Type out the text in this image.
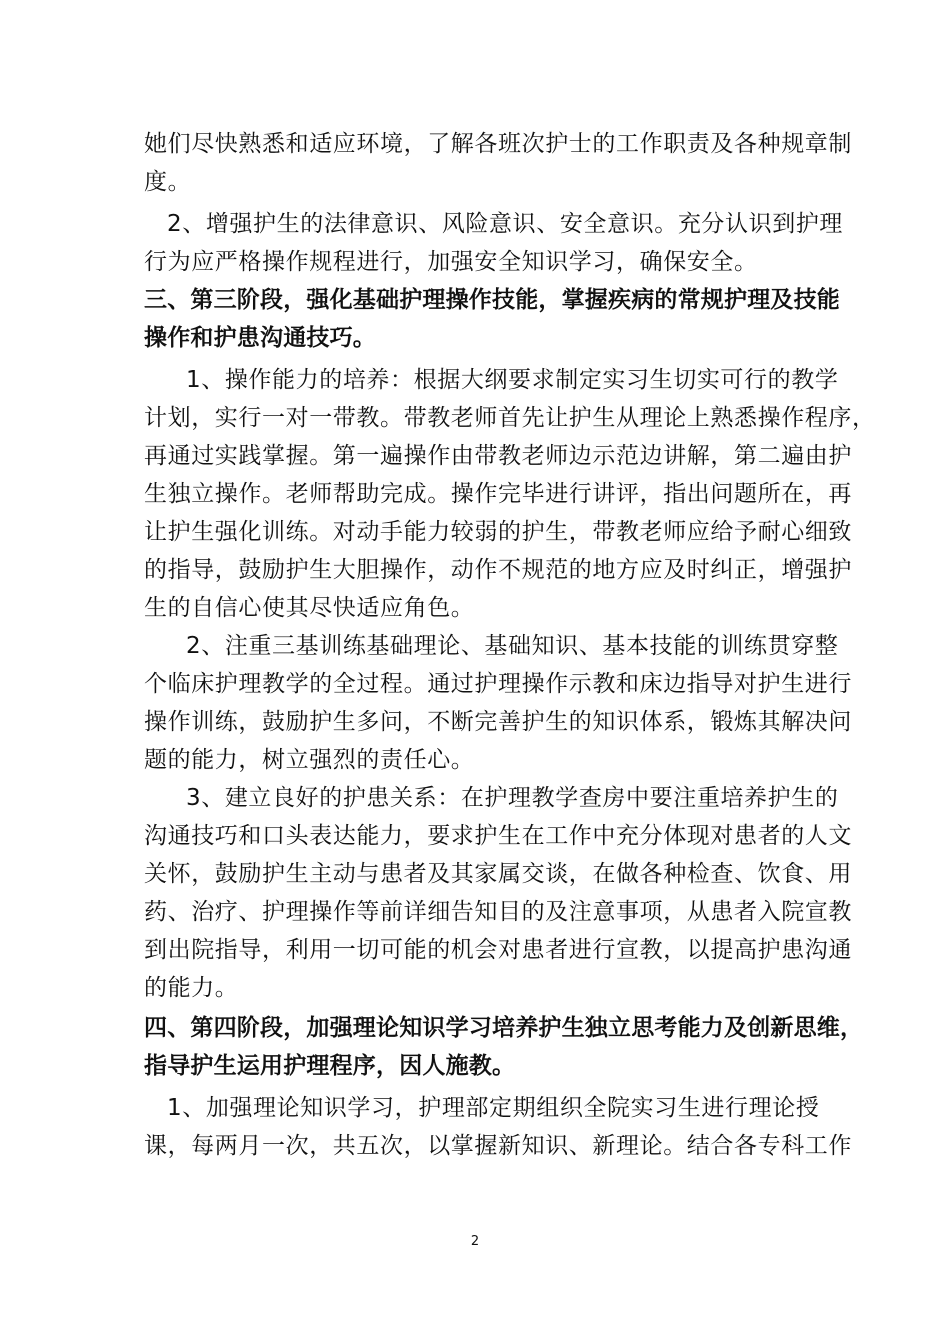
她们尽快熟悉和适应环境，了解各班次护士的工作职责及各种规章制
度。
2、增强护生的法律意识、风险意识、安全意识。充分认识到护理
行为应严格操作规程进行，加强安全知识学习，确保安全。
三、第三阶段，强化基础护理操作技能，掌握疾病的常规护理及技能
操作和护患沟通技巧。
1、操作能力的培养：根据大纲要求制定实习生切实可行的教学
计划，实行一对一带教。带教老师首先让护生从理论上熟悉操作程序，
再通过实践掌握。第一遍操作由带教老师边示范边讲解，第二遍由护
生独立操作。老师帮助完成。操作完毕进行讲评，指出问题所在，再
让护生强化训练。对动手能力较弱的护生，带教老师应给予耐心细致
的指导，鼓励护生大胆操作，动作不规范的地方应及时纠正，增强护
生的自信心使其尽快适应角色。
2、注重三基训练基础理论、基础知识、基本技能的训练贯穿整
个临床护理教学的全过程。通过护理操作示教和床边指导对护生进行
操作训练，鼓励护生多问，不断完善护生的知识体系，锻炼其解决问
题的能力，树立强烈的责任心。
3、建立良好的护患关系：在护理教学查房中要注重培养护生的
沟通技巧和口头表达能力，要求护生在工作中充分体现对患者的人文
关怀，鼓励护生主动与患者及其家属交谈，在做各种检查、饮食、用
药、治疗、护理操作等前详细告知目的及注意事项，从患者入院宣教
到出院指导，利用一切可能的机会对患者进行宣教，以提高护患沟通
的能力。
四、第四阶段，加强理论知识学习培养护生独立思考能力及创新思维，
指导护生运用护理程序，因人施教。
1、加强理论知识学习，护理部定期组织全院实习生进行理论授
课，每两月一次，共五次，以掌握新知识、新理论。结合各专科工作
2
